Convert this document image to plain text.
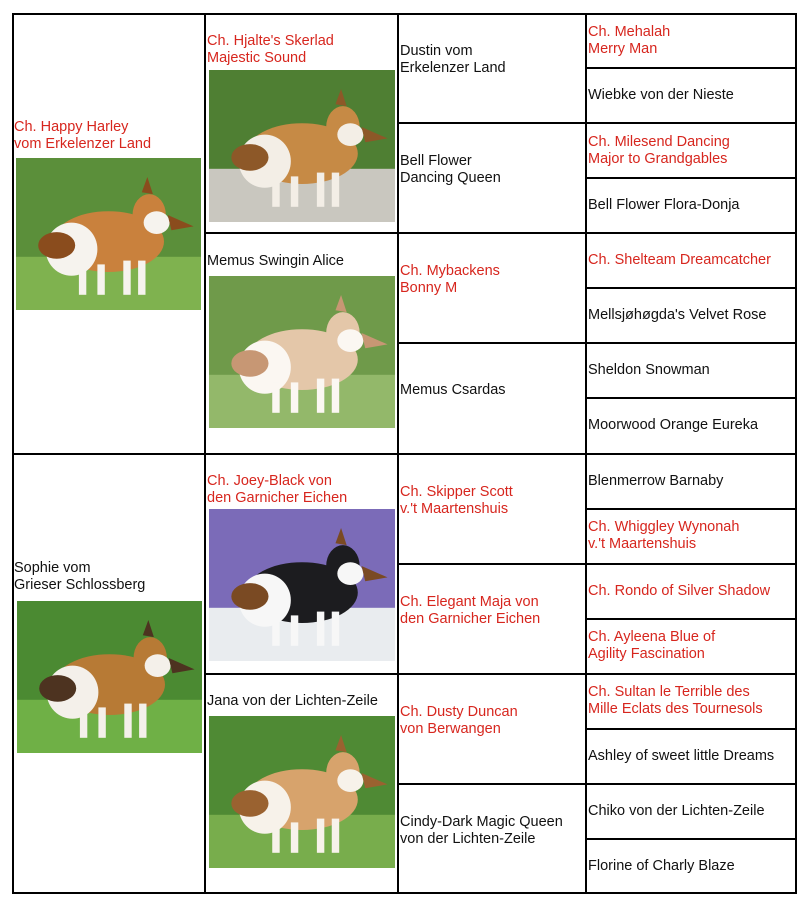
Ch. Happy Harley
vom Erkelenzer Land
Sophie vom
Grieser Schlossberg
Ch. Hjalte's Skerlad
Majestic Sound
Memus Swingin Alice
Ch. Joey-Black von
den Garnicher Eichen
Jana von der Lichten-Zeile
Dustin vom
Erkelenzer Land
Bell Flower
Dancing Queen
Ch. Mybackens
Bonny M
Memus Csardas
Ch. Skipper Scott
v.'t Maartenshuis
Ch. Elegant Maja von
den Garnicher Eichen
Ch. Dusty Duncan
von Berwangen
Cindy-Dark Magic Queen
von der Lichten-Zeile
Ch. Mehalah
Merry Man
Wiebke von der Nieste
Ch. Milesend Dancing
Major to Grandgables
Bell Flower Flora-Donja
Ch. Shelteam Dreamcatcher
Mellsjøhøgda's Velvet Rose
Sheldon Snowman
Moorwood Orange Eureka
Blenmerrow Barnaby
Ch. Whiggley Wynonah
v.'t Maartenshuis
Ch. Rondo of Silver Shadow
Ch. Ayleena Blue of
Agility Fascination
Ch. Sultan le Terrible des
Mille Eclats des Tournesols
Ashley of sweet little Dreams
Chiko von der Lichten-Zeile
Florine of Charly Blaze
